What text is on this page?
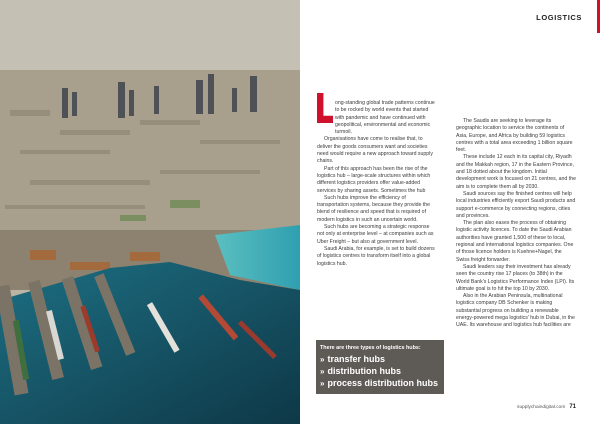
LOGISTICS

ong-standing global trade patterns continue to be rocked by world events that started with pandemic and have continued with geopolitical, environmental and economic turmoil.

Organisations have come to realise that, to deliver the goods consumers want and societies need would require a new approach toward supply chains.

Part of this approach has been the rise of the logistics hub – large-scale structures within which different logistics providers offer value-added services by sharing assets. Sometimes the hub

Such hubs improve the efficiency of transportation systems, because they provide the blend of resilience and speed that is required of modern logistics in such an uncertain world.

Such hubs are becoming a strategic response not only at enterprise level – at companies such as Uber Freight – but also at government level.

Saudi Arabia, for example, is set to build dozens of logistics centres to transform itself into a global logistics hub.

The Saudis are seeking to leverage its geographic location to service the continents of Asia, Europe, and Africa by building 59 logistics centres with a total area exceeding 1 billion square feet.

These include 12 each in its capital city, Riyadh and the Makkah region, 17 in the Eastern Province, and 18 dotted about the kingdom. Initial development work is focused on 21 centres, and the aim is to complete them all by 2030.

Saudi sources say the finished centres will help local industries efficiently export Saudi products and support e-commerce by connecting regions, cities and provinces.

The plan also eases the process of obtaining logistic activity licences. To date the Saudi Arabian authorities have granted 1,500 of these to local, regional and international logistics companies. One of those licence holders is Kuehne+Nagel, the Swiss freight forwarder.

Saudi leaders say their investment has already seen the country rise 17 places (to 38th) in the World Bank's Logistics Performance Index (LPI). Its ultimate goal is to hit the top 10 by 2030.

Also in the Arabian Peninsula, multinational logistics company DB Schenker is making substantial progress on building a renewable energy-powered mega logistics' hub in Dubai, in the UAE. Its warehouse and logistics hub facilities are

There are three types of logistics hubs:
» transfer hubs
» distribution hubs
» process distribution hubs
supplychaindigital.com 71
